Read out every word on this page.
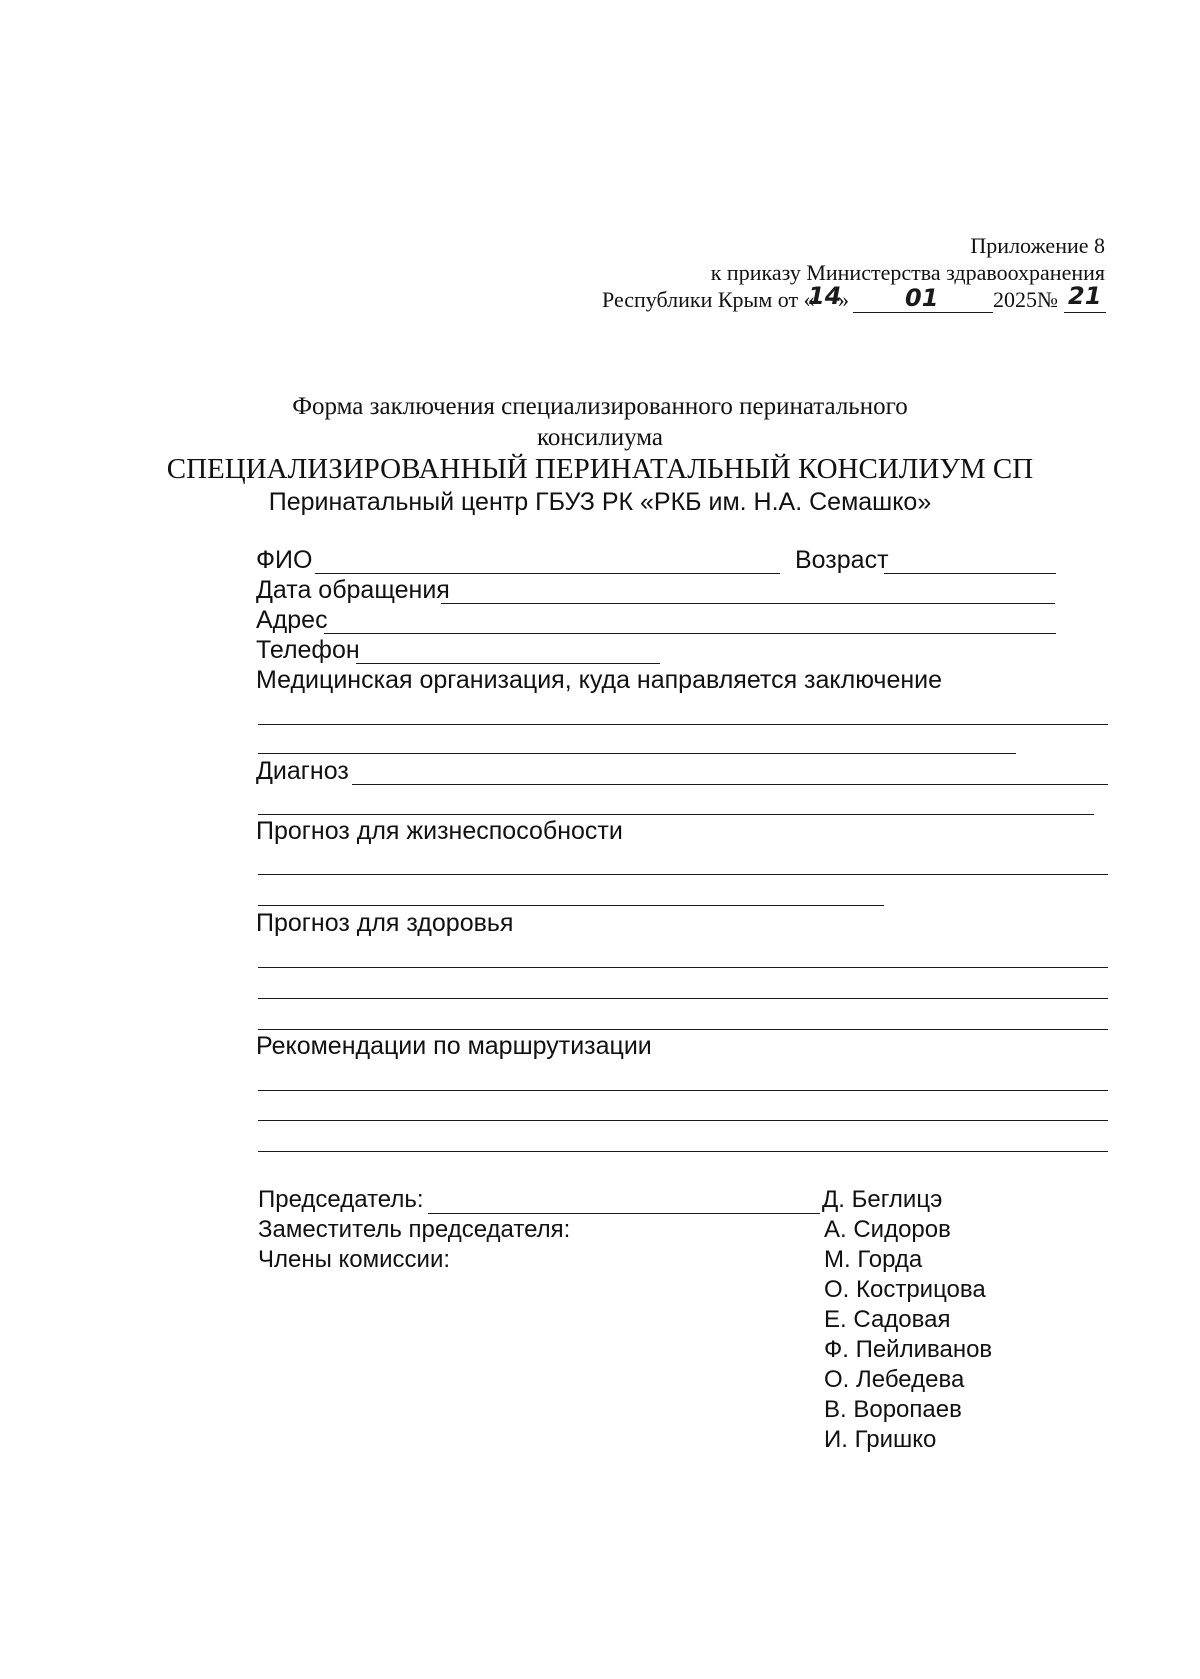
Приложение 8
к приказу Министерства здравоохранения
Республики Крым от «
14
» 01 2025№ 21
Форма заключения специализированного перинатального
консилиума
СПЕЦИАЛИЗИРОВАННЫЙ ПЕРИНАТАЛЬНЫЙ КОНСИЛИУМ СП
Перинатальный центр ГБУЗ РК «РКБ им. Н.А. Семашко»
ФИО	Возраст
Дата обращения
Адрес
Телефон
Медицинская организация, куда направляется заключение
Диагноз
Прогноз для жизнеспособности
Прогноз для здоровья
Рекомендации по маршрутизации
Председатель:	Д. Беглицэ
Заместитель председателя:	А. Сидоров
Члены комиссии:	М. Горда
О. Кострицова
Е. Садовая
Ф. Пейливанов
О. Лебедева
В. Воропаев
И. Гришко
